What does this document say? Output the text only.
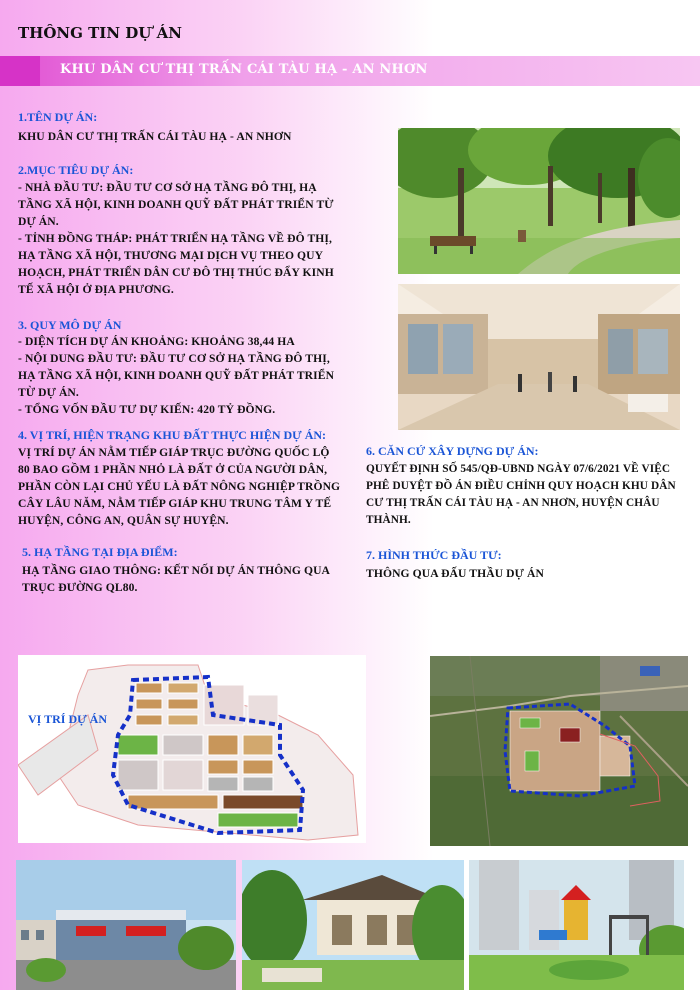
THÔNG TIN DỰ ÁN
KHU DÂN CƯ THỊ TRẤN CÁI TÀU HẠ - AN NHƠN
1.TÊN DỰ ÁN:
KHU DÂN CƯ THỊ TRẤN CÁI TÀU HẠ - AN NHƠN
2.MỤC TIÊU DỰ ÁN:
- NHÀ ĐẦU TƯ: ĐẦU TƯ CƠ SỞ HẠ TẦNG ĐÔ THỊ, HẠ
TẦNG XÃ HỘI, KINH DOANH QUỸ ĐẤT PHÁT TRIỂN TỪ
DỰ ÁN.
- TỈNH ĐỒNG THÁP: PHÁT TRIỂN HẠ TẦNG VỀ ĐÔ THỊ,
HẠ TẦNG XÃ HỘI, THƯƠNG MẠI DỊCH VỤ THEO QUY
HOẠCH, PHÁT TRIỂN DÂN CƯ ĐÔ THỊ THÚC ĐẨY KINH
TẾ XÃ HỘI Ở ĐỊA PHƯƠNG.
3. QUY MÔ DỰ ÁN
- DIỆN TÍCH DỰ ÁN KHOẢNG: KHOẢNG 38,44 HA
- NỘI DUNG ĐẦU TƯ: ĐẦU TƯ CƠ SỞ HẠ TẦNG ĐÔ THỊ,
HẠ TẦNG XÃ HỘI, KINH DOANH QUỸ ĐẤT PHÁT TRIỂN
TỪ DỰ ÁN.
- TỔNG VỐN ĐẦU TƯ DỰ KIẾN: 420 TỶ ĐỒNG.
4. VỊ TRÍ, HIỆN TRẠNG KHU ĐẤT THỰC HIỆN DỰ ÁN:
VỊ TRÍ DỰ ÁN NẰM TIẾP GIÁP TRỤC ĐƯỜNG QUỐC LỘ
80 BAO GỒM 1 PHẦN NHỎ LÀ ĐẤT Ở CỦA NGƯỜI DÂN,
PHẦN CÒN LẠI CHỦ YẾU LÀ ĐẤT NÔNG NGHIỆP TRỒNG
CÂY LÂU NĂM, NẰM TIẾP GIÁP KHU TRUNG TÂM Y TẾ
HUYỆN, CÔNG AN, QUÂN SỰ HUYỆN.
5. HẠ TẦNG TẠI ĐỊA ĐIỂM:
HẠ TẦNG GIAO THÔNG: KẾT NỐI DỰ ÁN THÔNG QUA
TRỤC ĐƯỜNG QL80.
6. CĂN CỨ XÂY DỰNG DỰ ÁN:
QUYẾT ĐỊNH SỐ 545/QĐ-UBND NGÀY 07/6/2021 VỀ VIỆC
PHÊ DUYỆT ĐỒ ÁN ĐIỀU CHỈNH QUY HOẠCH KHU DÂN
CƯ THỊ TRẤN CÁI TÀU HẠ - AN NHƠN, HUYỆN CHÂU
THÀNH.
7. HÌNH THỨC ĐẦU TƯ:
THÔNG QUA ĐẤU THẦU DỰ ÁN
VỊ TRÍ DỰ ÁN
